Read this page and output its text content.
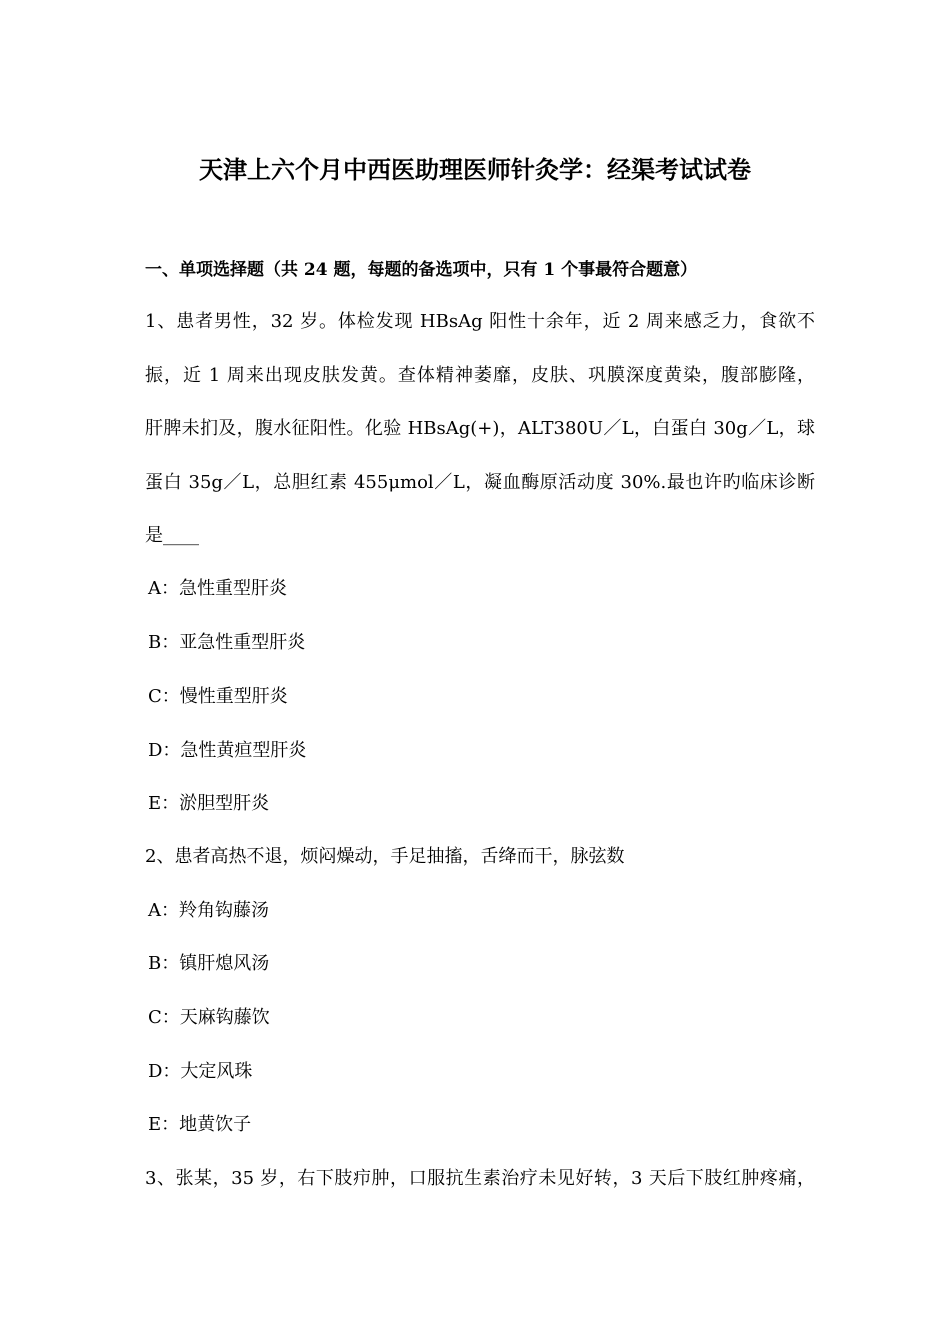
天津上六个月中西医助理医师针灸学：经渠考试试卷
一、单项选择题（共 24 题，每题的备选项中，只有 1 个事最符合题意）
1、患者男性，32 岁。体检发现 HBsAg 阳性十余年，近 2 周来感乏力，食欲不
振，近 1 周来出现皮肤发黄。查体精神萎靡，皮肤、巩膜深度黄染，腹部膨隆，
肝脾未扪及，腹水征阳性。化验 HBsAg(+)，ALT380U／L，白蛋白 30g／L，球
蛋白 35g／L，总胆红素 455μmol／L，凝血酶原活动度 30%.最也许旳临床诊断
是____
A：急性重型肝炎
B：亚急性重型肝炎
C：慢性重型肝炎
D：急性黄疸型肝炎
E：淤胆型肝炎
2、患者高热不退，烦闷燥动，手足抽搐，舌绛而干，脉弦数
A：羚角钩藤汤
B：镇肝熄风汤
C：天麻钩藤饮
D：大定风珠
E：地黄饮子
3、张某，35 岁，右下肢疖肿，口服抗生素治疗未见好转，3 天后下肢红肿疼痛，
